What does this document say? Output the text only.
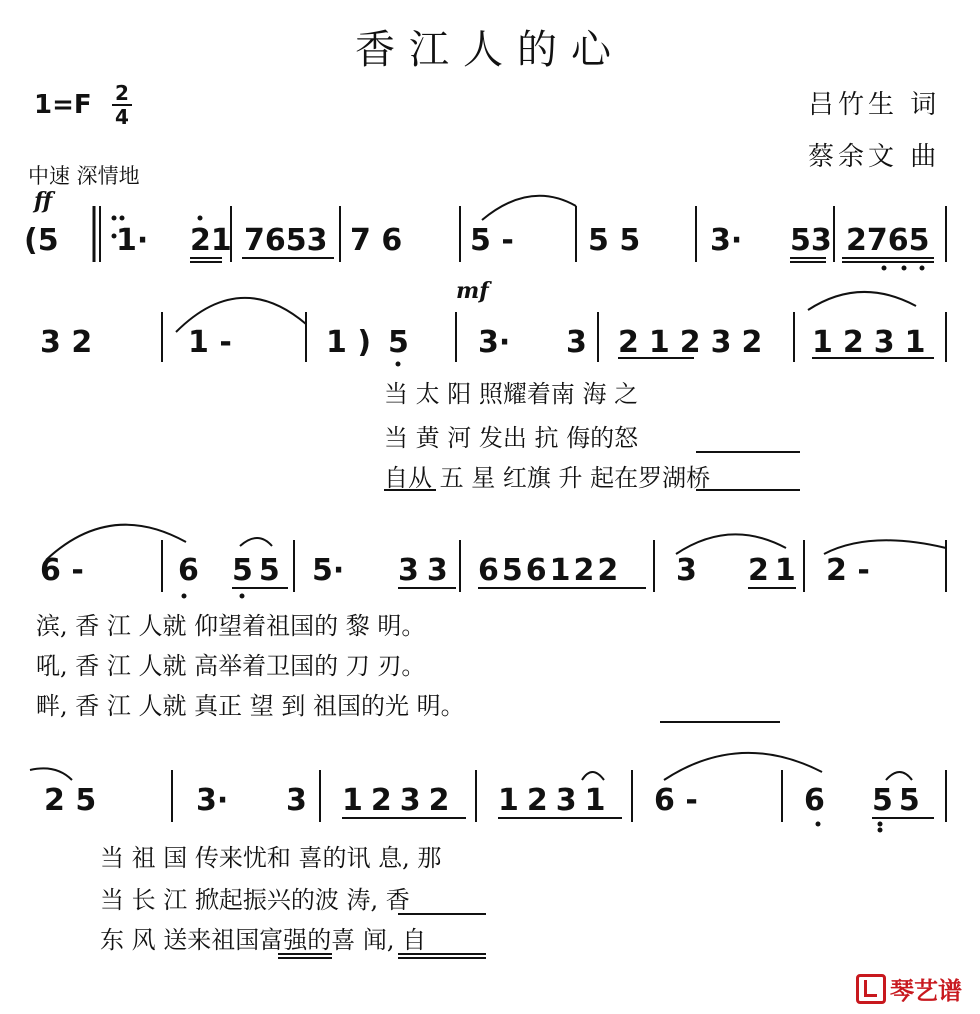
香江人的心
$1=F \frac{2}{4}$	吕竹生 词
蔡余文 曲
中速 深情地
ff
mf
(5 1· 21 7653 7 6 5 - 5 5 3· 53 2765
3 2	1 -	1 ) 5 3· 3 21232 1231
当 太 阳 照耀着南 海 之
当 黄 河 发出 抗 侮的怒
自从 五 星 红旗 升 起在罗湖桥
6 -	6 55 5· 33 656122 3 21 2 -
滨, 香 江 人就 仰望着祖国的 黎 明。
吼, 香 江 人就 高举着卫国的 刀 刃。
畔, 香 江 人就 真正 望 到 祖国的光 明。
2 5	3· 3 1232 1231 6 -	6 55
当 祖 国 传来忧和 喜的讯 息, 那
当 长 江 掀起振兴的波 涛, 香
东 风 送来祖国富强的喜 闻, 自
琴艺谱
